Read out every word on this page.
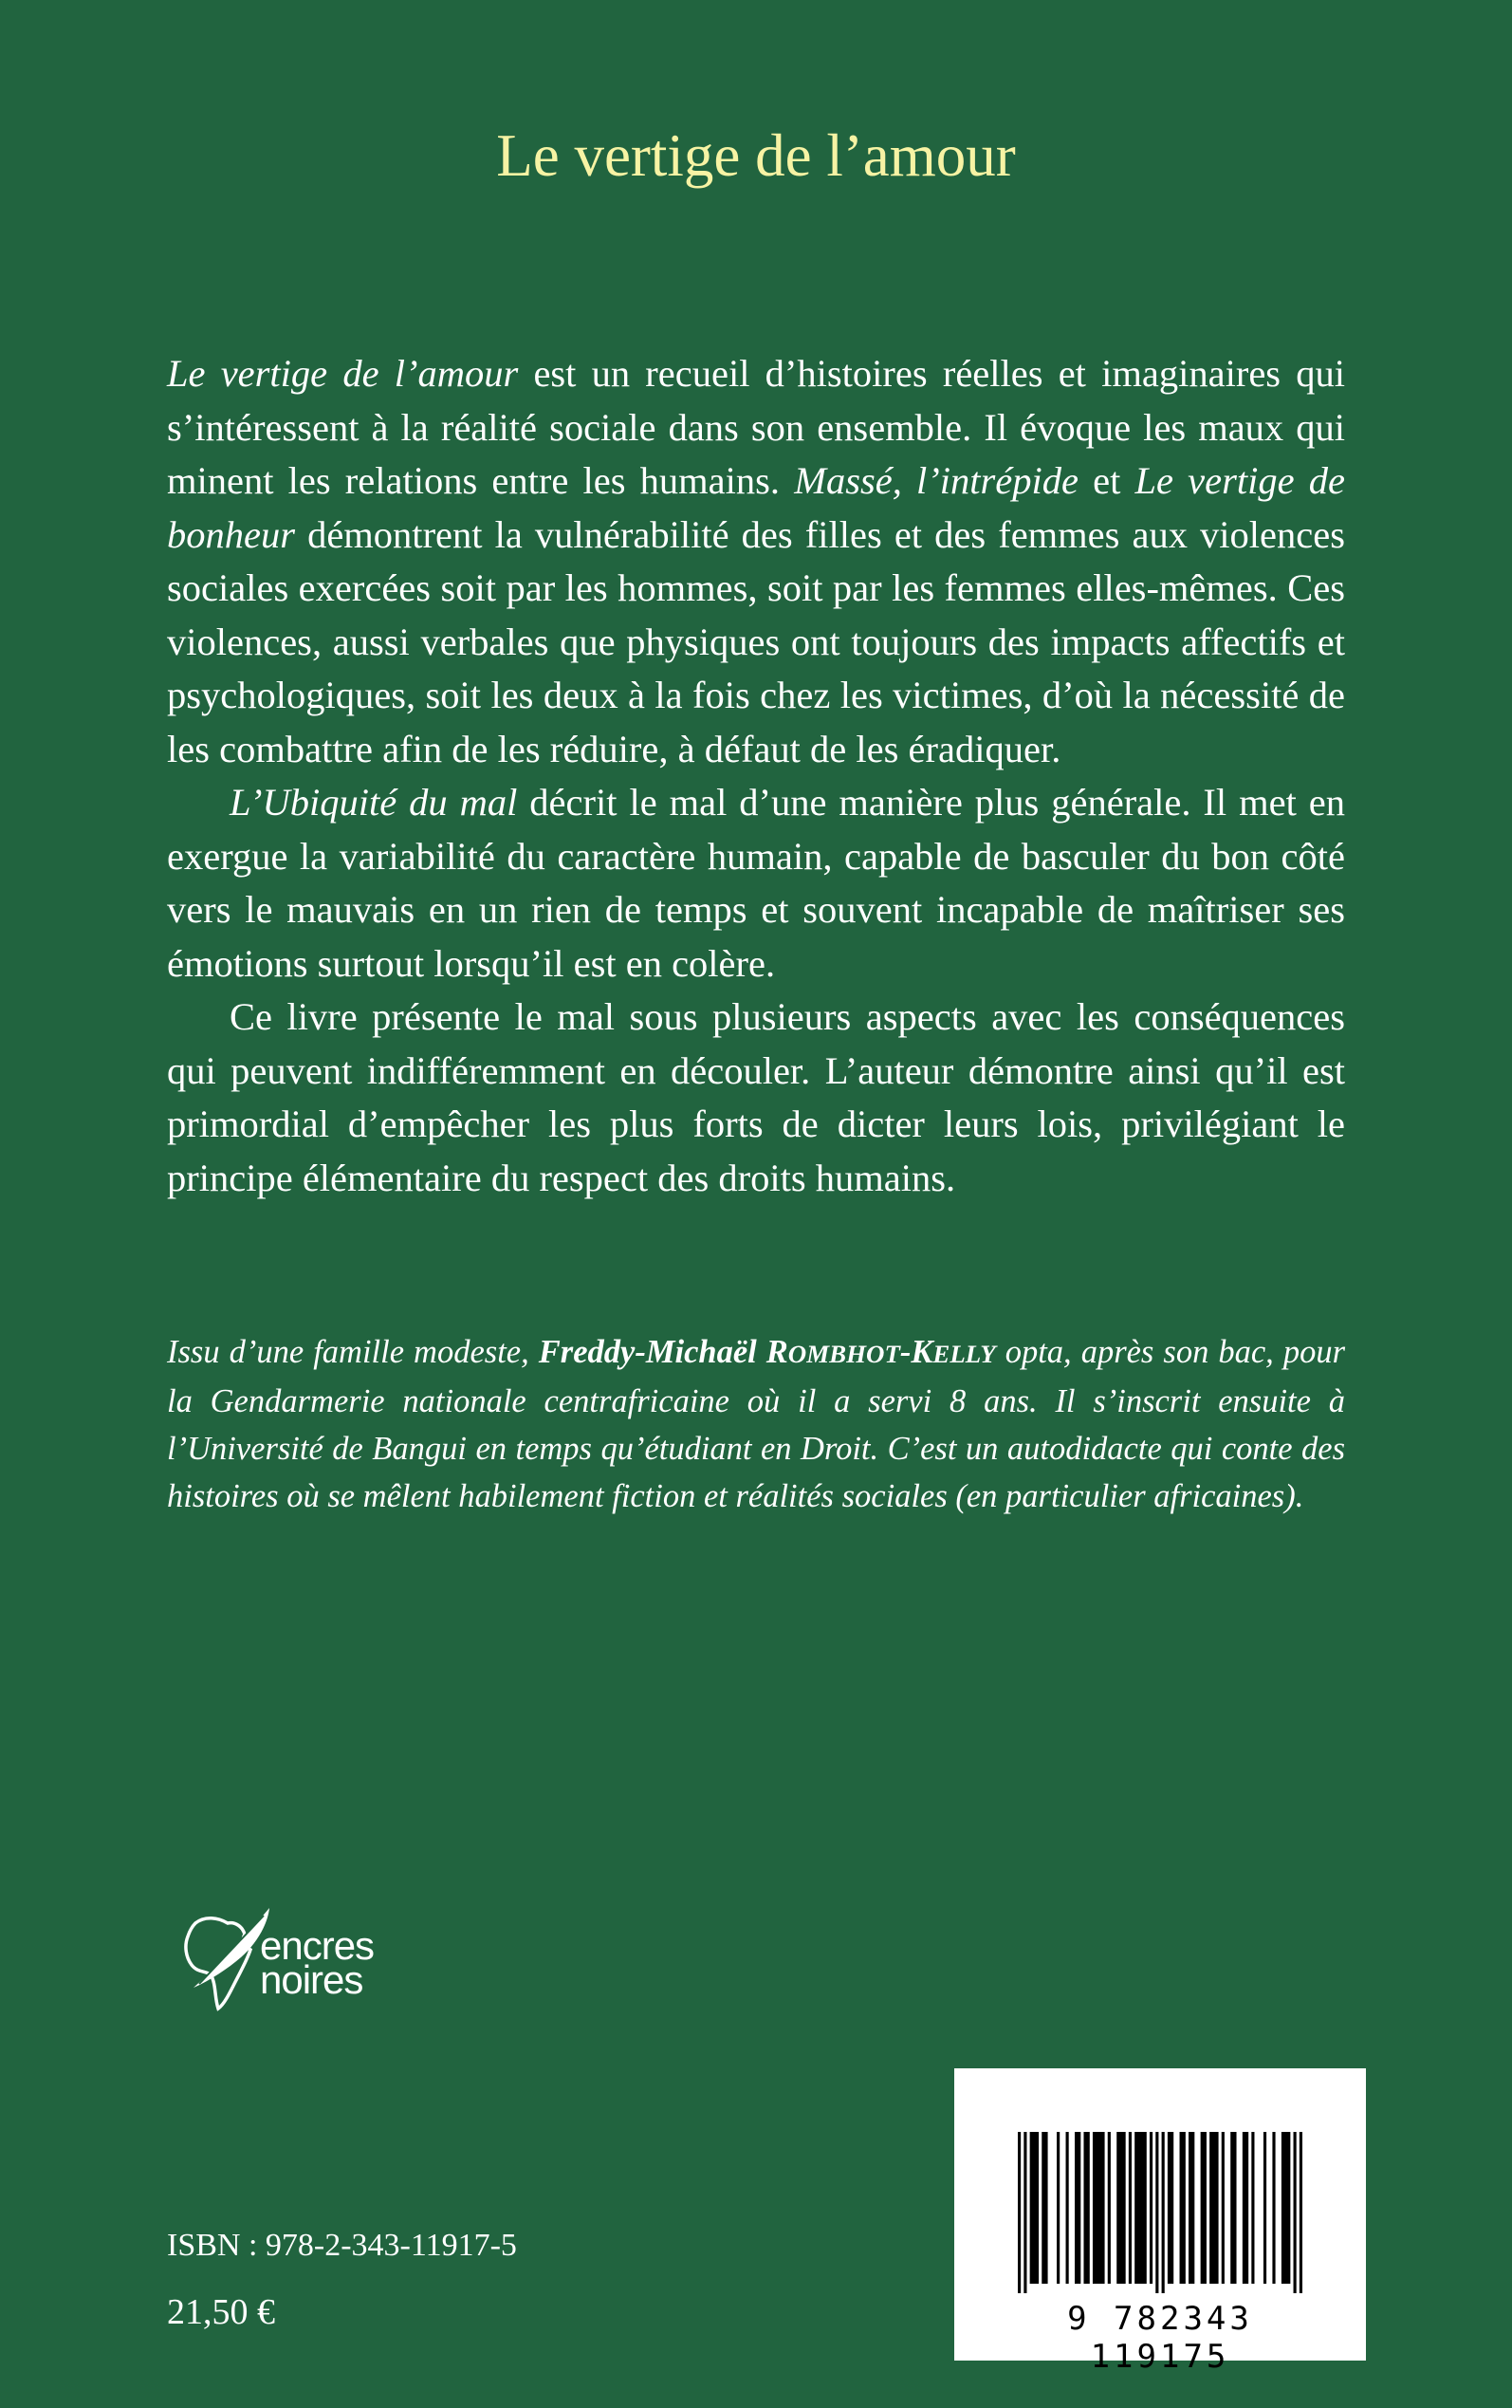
Le vertige de l’amour

Le vertige de l’amour est un recueil d’histoires réelles et imaginaires qui s’intéressent à la réalité sociale dans son ensemble. Il évoque les maux qui minent les relations entre les humains. Massé, l’intrépide et Le vertige de bonheur démontrent la vulnérabilité des filles et des femmes aux violences sociales exercées soit par les hommes, soit par les femmes elles-mêmes. Ces violences, aussi verbales que physiques ont toujours des impacts affectifs et psychologiques, soit les deux à la fois chez les victimes, d’où la nécessité de les combattre afin de les réduire, à défaut de les éradiquer.

L’Ubiquité du mal décrit le mal d’une manière plus générale. Il met en exergue la variabilité du caractère humain, capable de basculer du bon côté vers le mauvais en un rien de temps et souvent incapable de maîtriser ses émotions surtout lorsqu’il est en colère.

Ce livre présente le mal sous plusieurs aspects avec les conséquences qui peuvent indifféremment en découler. L’auteur démontre ainsi qu’il est primordial d’empêcher les plus forts de dicter leurs lois, privilégiant le principe élémentaire du respect des droits humains.

Issu d’une famille modeste, Freddy-Michaël ROMBHOT-KELLY opta, après son bac, pour la Gendarmerie nationale centrafricaine où il a servi 8 ans. Il s’inscrit ensuite à l’Université de Bangui en temps qu’étudiant en Droit. C’est un autodidacte qui conte des histoires où se mêlent habilement fiction et réalités sociales (en particulier africaines).
encres
noires
ISBN : 978-2-343-11917-5
21,50 €	9 782343 119175
